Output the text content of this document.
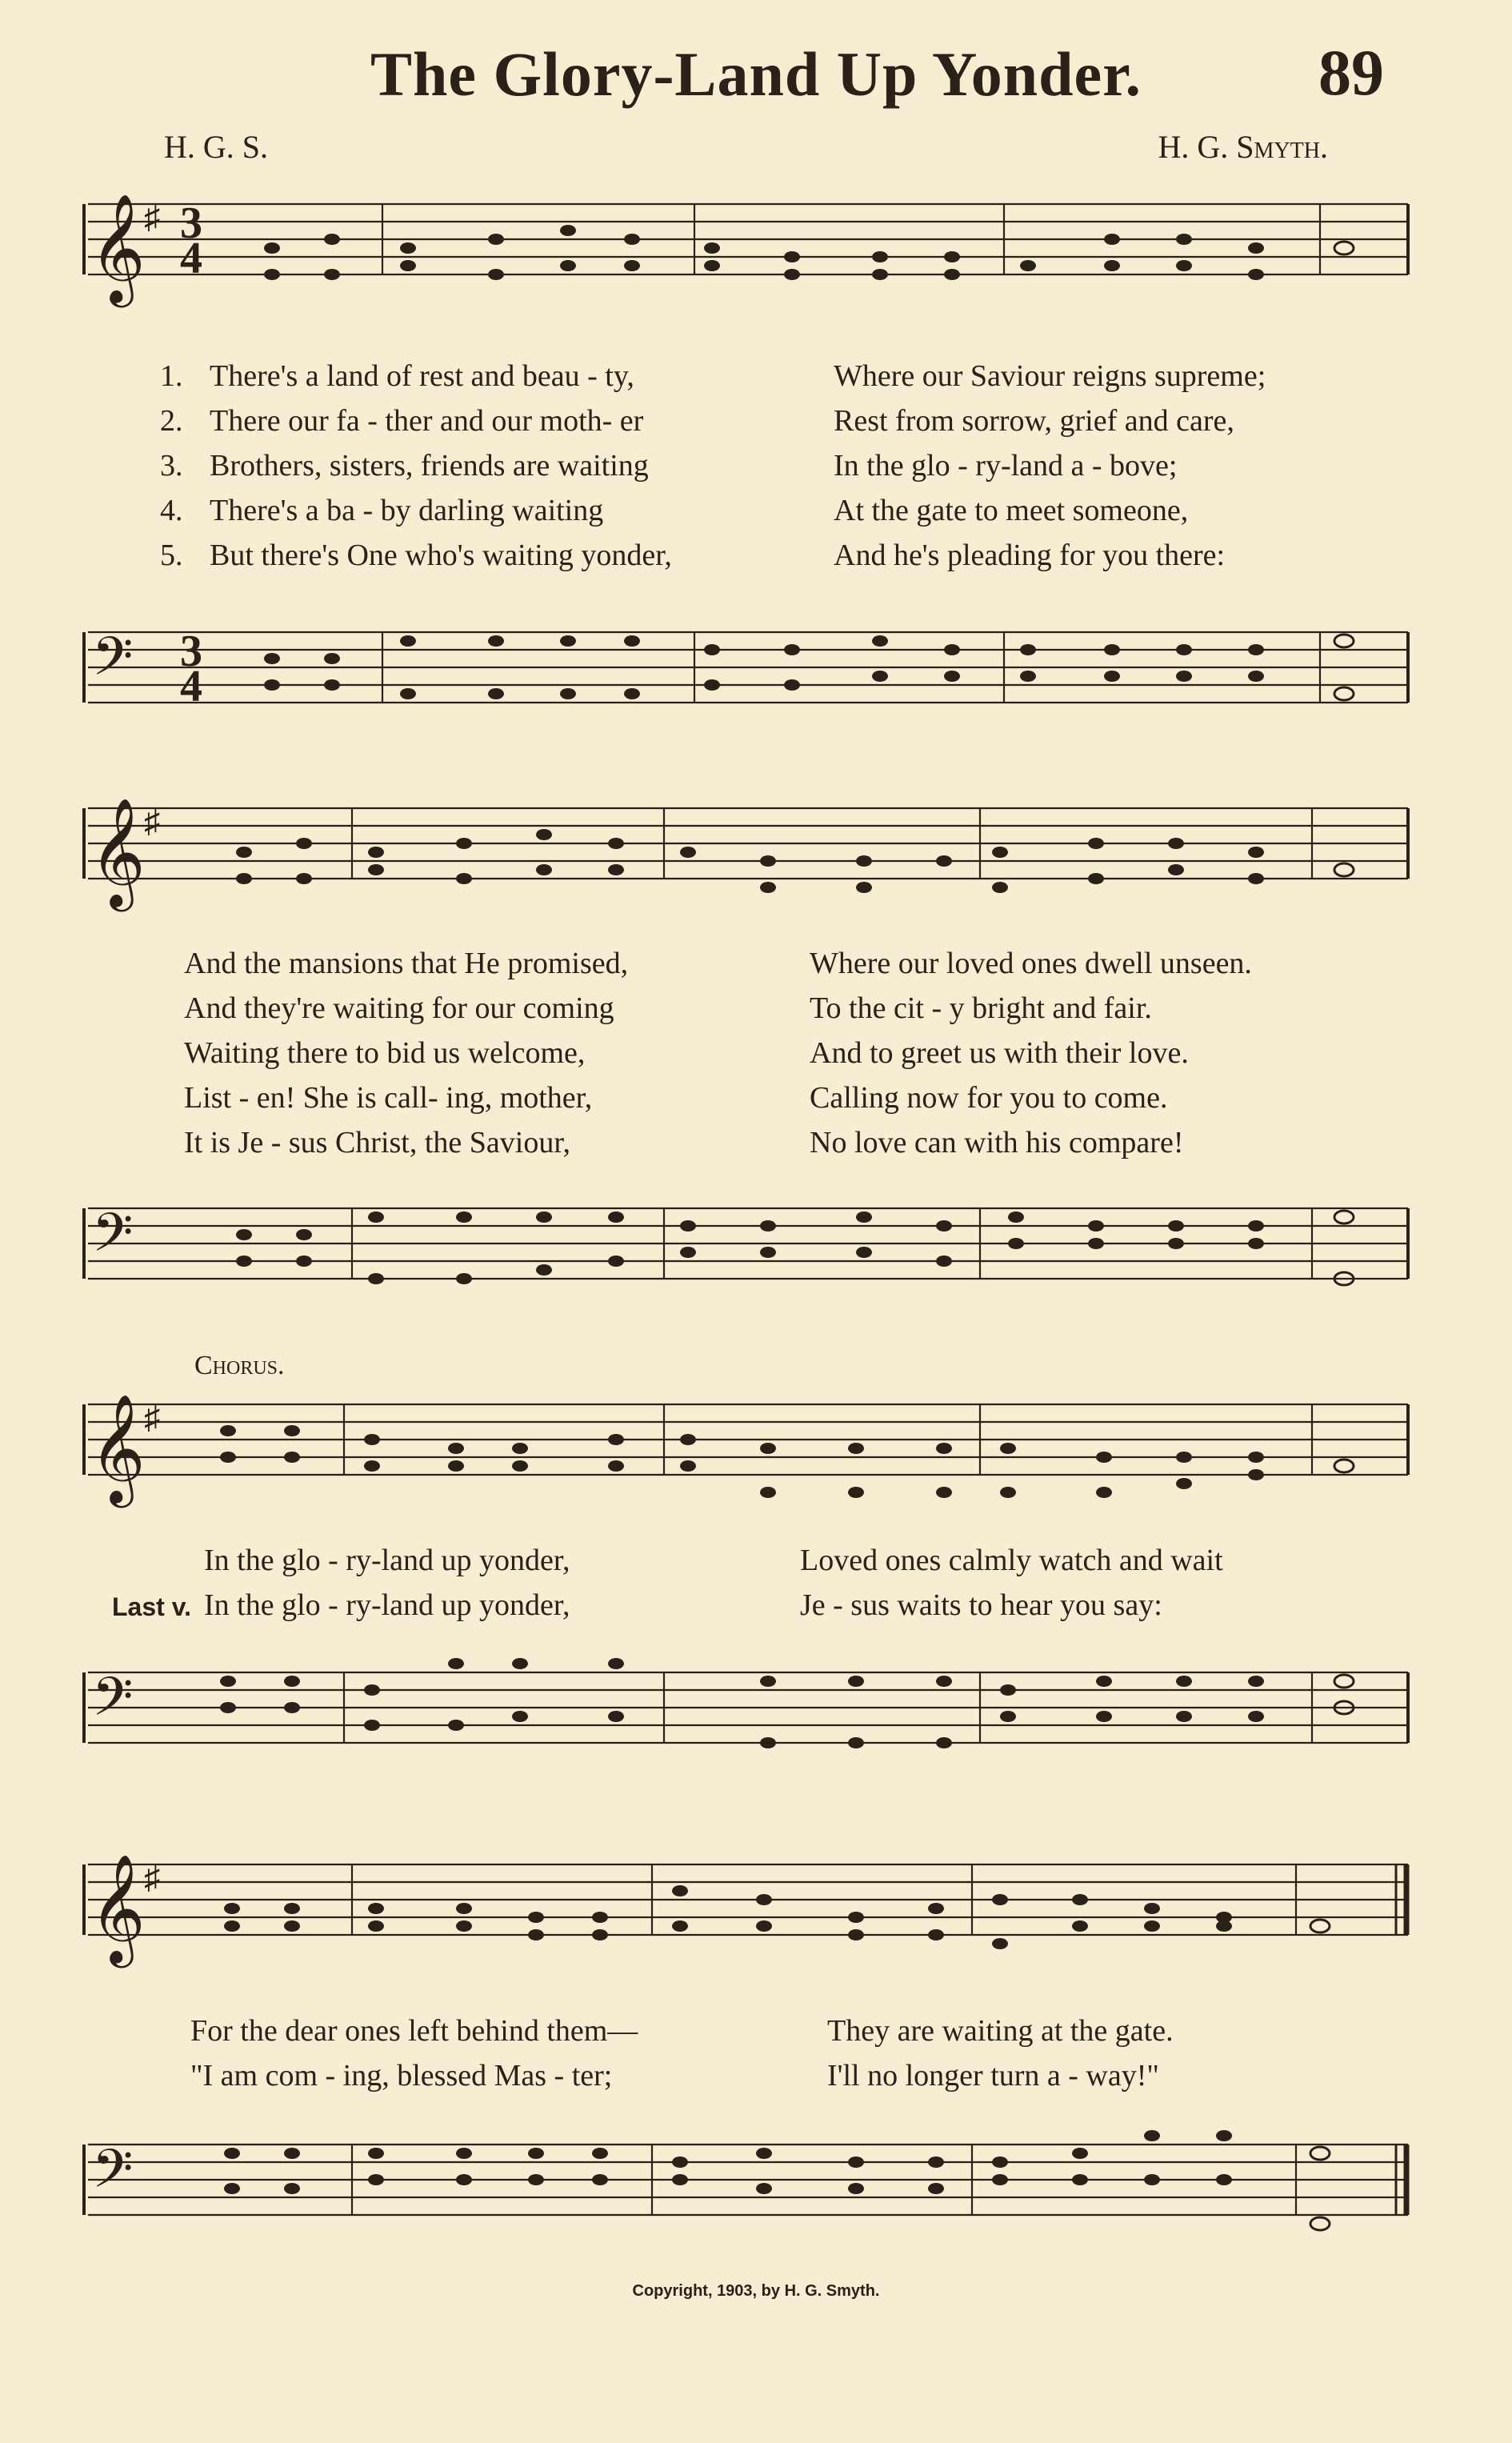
The Glory-Land Up Yonder.	89
H. G. S.	H. G. Smyth.
𝄞 3
4
♯
1. There's a land of rest and beau - ty,	Where our Saviour reigns supreme;
2. There our fa - ther and our moth- er	Rest from sorrow, grief and care,
3. Brothers, sisters, friends are waiting	In the glo - ry-land a - bove;
4. There's a ba - by darling waiting	At the gate to meet someone,
5. But there's One who's waiting yonder,	And he's pleading for you there:
𝄢 3
4
𝄞
♯
And the mansions that He promised,	Where our loved ones dwell unseen.
And they're waiting for our coming	To the cit - y bright and fair.
Waiting there to bid us welcome,	And to greet us with their love.
List - en! She is call- ing, mother,	Calling now for you to come.
It is Je - sus Christ, the Saviour,	No love can with his compare!
𝄢
Chorus.
𝄞
♯
In the glo - ry-land up yonder,	Loved ones calmly watch and wait
Last v. In the glo - ry-land up yonder,	Je - sus waits to hear you say:
𝄢
𝄞
♯
For the dear ones left behind them—	They are waiting at the gate.
"I am com - ing, blessed Mas - ter;	I'll no longer turn a - way!"
𝄢
Copyright, 1903, by H. G. Smyth.
